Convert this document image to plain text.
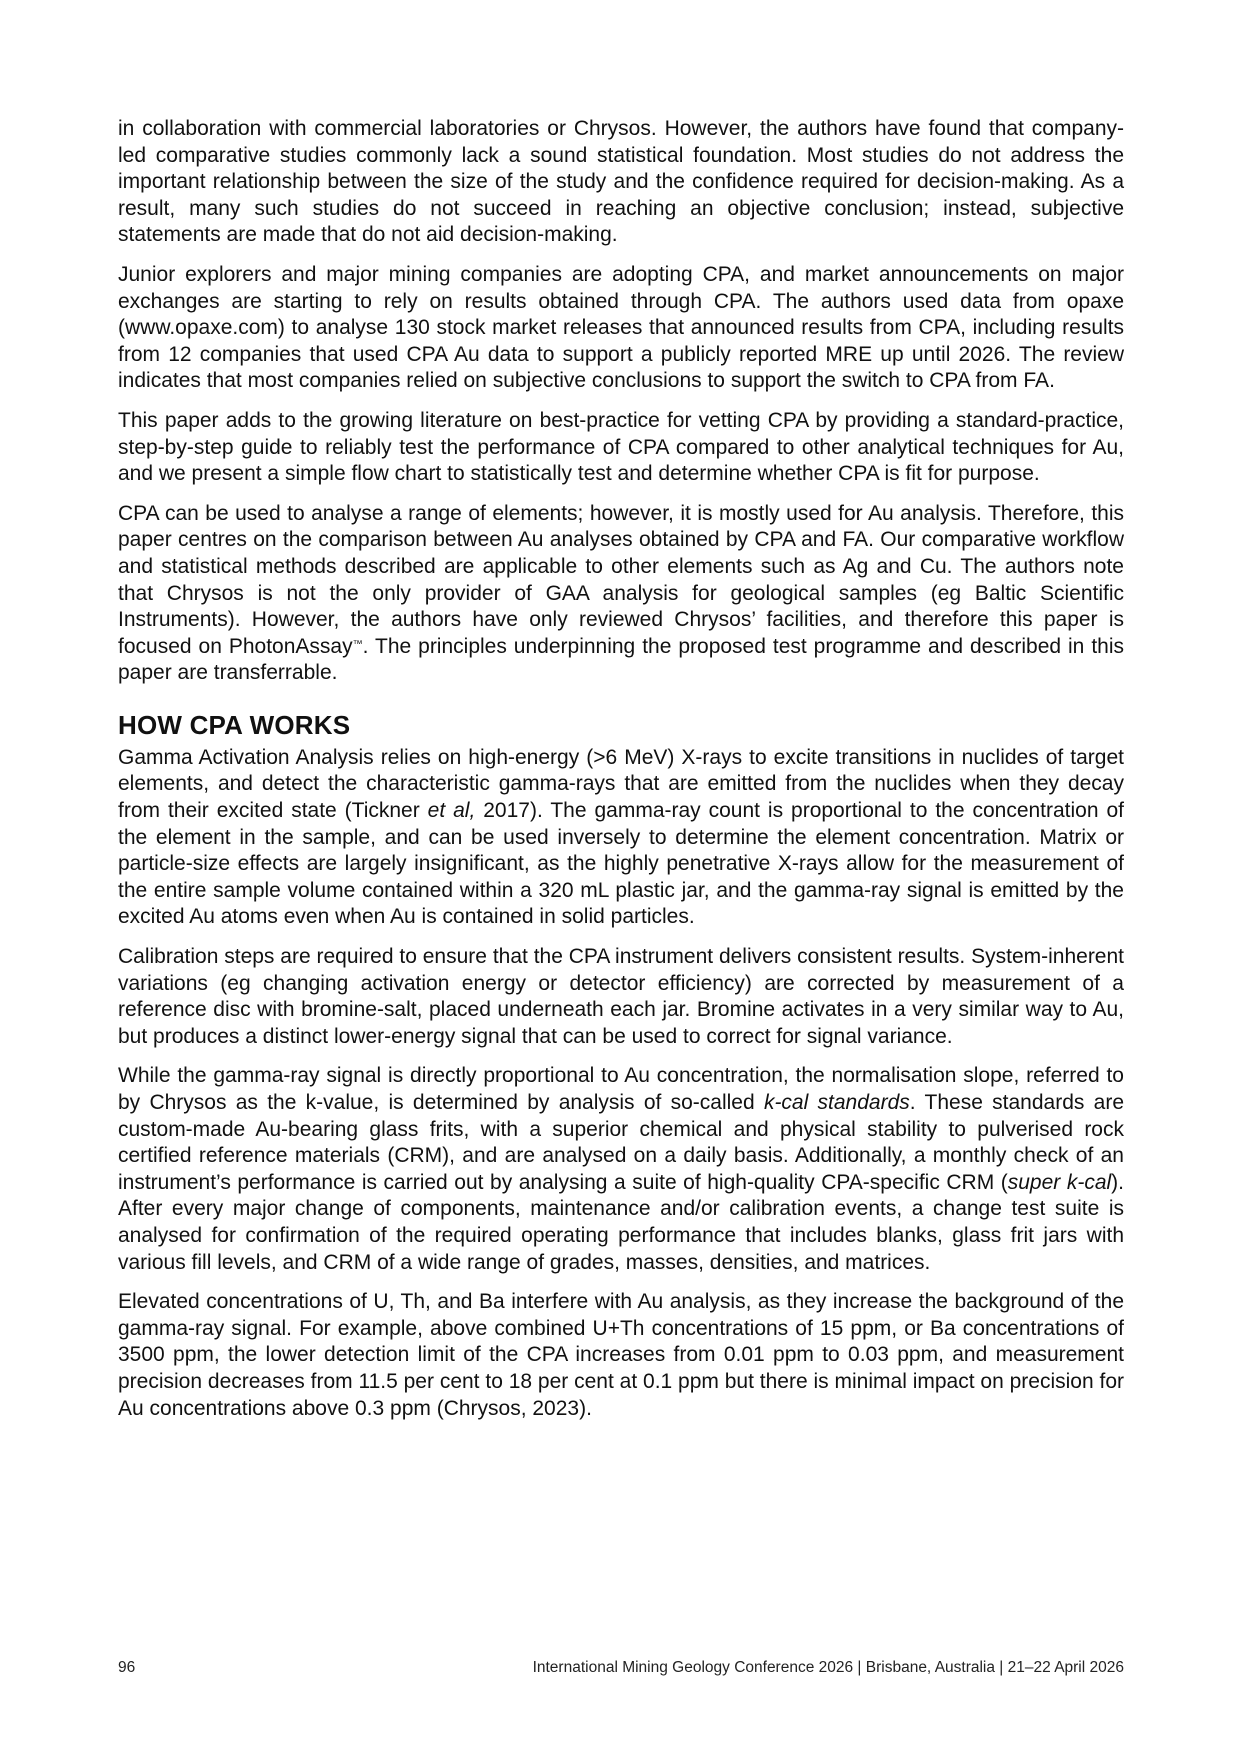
in collaboration with commercial laboratories or Chrysos. However, the authors have found that company-led comparative studies commonly lack a sound statistical foundation. Most studies do not address the important relationship between the size of the study and the confidence required for decision-making. As a result, many such studies do not succeed in reaching an objective conclusion; instead, subjective statements are made that do not aid decision-making.

Junior explorers and major mining companies are adopting CPA, and market announcements on major exchanges are starting to rely on results obtained through CPA. The authors used data from opaxe (www.opaxe.com) to analyse 130 stock market releases that announced results from CPA, including results from 12 companies that used CPA Au data to support a publicly reported MRE up until 2026. The review indicates that most companies relied on subjective conclusions to support the switch to CPA from FA.

This paper adds to the growing literature on best-practice for vetting CPA by providing a standard-practice, step-by-step guide to reliably test the performance of CPA compared to other analytical techniques for Au, and we present a simple flow chart to statistically test and determine whether CPA is fit for purpose.

CPA can be used to analyse a range of elements; however, it is mostly used for Au analysis. Therefore, this paper centres on the comparison between Au analyses obtained by CPA and FA. Our comparative workflow and statistical methods described are applicable to other elements such as Ag and Cu. The authors note that Chrysos is not the only provider of GAA analysis for geological samples (eg Baltic Scientific Instruments). However, the authors have only reviewed Chrysos’ facilities, and therefore this paper is focused on PhotonAssay™. The principles underpinning the proposed test programme and described in this paper are transferrable.

HOW CPA WORKS

Gamma Activation Analysis relies on high-energy (>6 MeV) X-rays to excite transitions in nuclides of target elements, and detect the characteristic gamma-rays that are emitted from the nuclides when they decay from their excited state (Tickner et al, 2017). The gamma-ray count is proportional to the concentration of the element in the sample, and can be used inversely to determine the element concentration. Matrix or particle-size effects are largely insignificant, as the highly penetrative X-rays allow for the measurement of the entire sample volume contained within a 320 mL plastic jar, and the gamma-ray signal is emitted by the excited Au atoms even when Au is contained in solid particles.

Calibration steps are required to ensure that the CPA instrument delivers consistent results. System-inherent variations (eg changing activation energy or detector efficiency) are corrected by measurement of a reference disc with bromine-salt, placed underneath each jar. Bromine activates in a very similar way to Au, but produces a distinct lower-energy signal that can be used to correct for signal variance.

While the gamma-ray signal is directly proportional to Au concentration, the normalisation slope, referred to by Chrysos as the k-value, is determined by analysis of so-called k-cal standards. These standards are custom-made Au-bearing glass frits, with a superior chemical and physical stability to pulverised rock certified reference materials (CRM), and are analysed on a daily basis. Additionally, a monthly check of an instrument’s performance is carried out by analysing a suite of high-quality CPA-specific CRM (super k-cal). After every major change of components, maintenance and/or calibration events, a change test suite is analysed for confirmation of the required operating performance that includes blanks, glass frit jars with various fill levels, and CRM of a wide range of grades, masses, densities, and matrices.

Elevated concentrations of U, Th, and Ba interfere with Au analysis, as they increase the background of the gamma-ray signal. For example, above combined U+Th concentrations of 15 ppm, or Ba concentrations of 3500 ppm, the lower detection limit of the CPA increases from 0.01 ppm to 0.03 ppm, and measurement precision decreases from 11.5 per cent to 18 per cent at 0.1 ppm but there is minimal impact on precision for Au concentrations above 0.3 ppm (Chrysos, 2023).

96	International Mining Geology Conference 2026 | Brisbane, Australia | 21–22 April 2026
